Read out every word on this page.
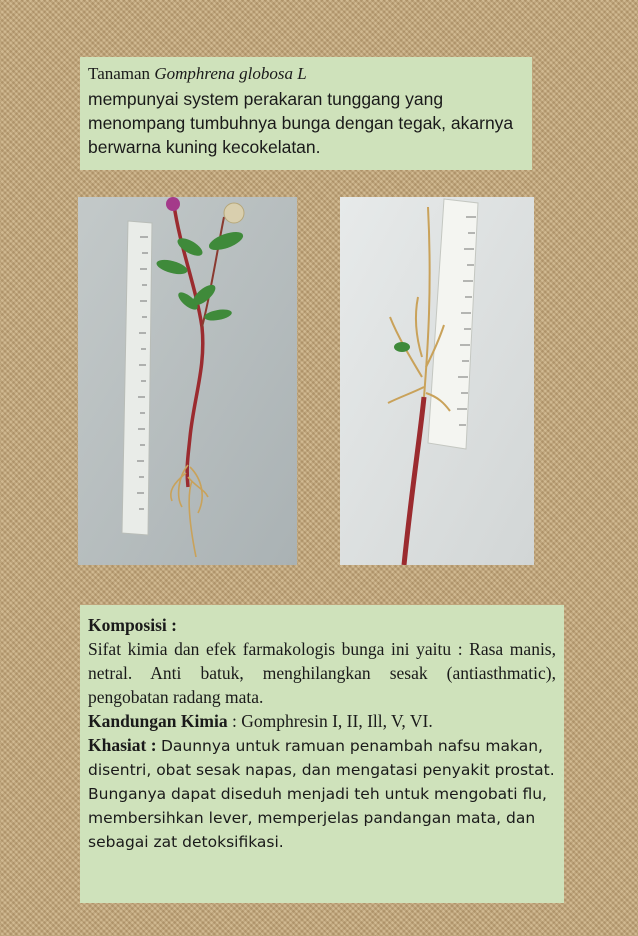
Tanaman Gomphrena globosa L
mempunyai system perakaran tunggang yang menompang tumbuhnya bunga dengan tegak, akarnya berwarna kuning kecokelatan.
Komposisi :
Sifat kimia dan efek farmakologis bunga ini yaitu : Rasa manis, netral. Anti batuk, menghilangkan sesak (antiasthmatic), pengobatan radang mata.
Kandungan Kimia : Gomphresin I, II, Ill, V, VI.
Khasiat : Daunnya untuk ramuan penambah nafsu makan, disentri, obat sesak napas, dan mengatasi penyakit prostat. Bunganya dapat diseduh menjadi teh untuk mengobati flu, membersihkan lever, memperjelas pandangan mata, dan sebagai zat detoksifikasi.
